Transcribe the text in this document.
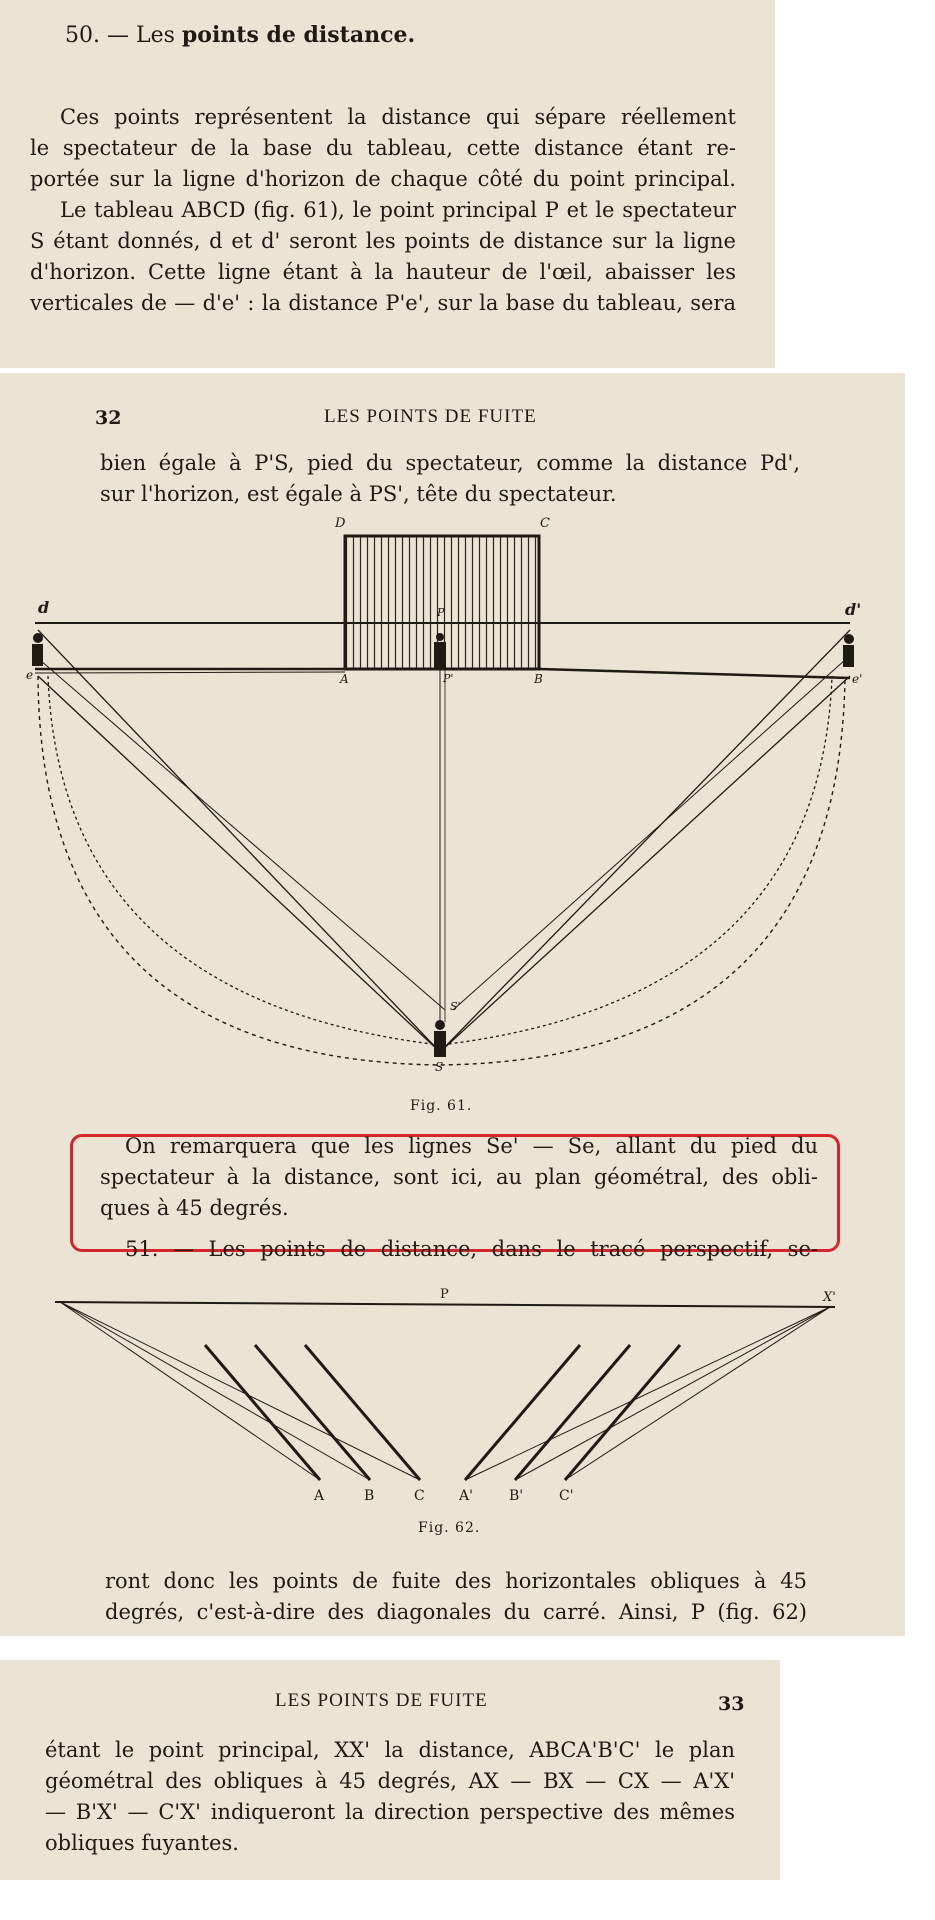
50. — Les points de distance.
Ces points représentent la distance qui sépare réellement
le spectateur de la base du tableau, cette distance étant re-
portée sur la ligne d'horizon de chaque côté du point principal.
Le tableau ABCD (fig. 61), le point principal P et le spectateur
S étant donnés, d et d' seront les points de distance sur la ligne
d'horizon. Cette ligne étant à la hauteur de l'œil, abaisser les
verticales de — d'e' : la distance P'e', sur la base du tableau, sera
32	LES POINTS DE FUITE
bien égale à P'S, pied du spectateur, comme la distance Pd',
sur l'horizon, est égale à PS', tête du spectateur.
D	C
d	d'
P
P'
A	B
e	e'
S'
S
Fig. 61.
On remarquera que les lignes Se' — Se, allant du pied du
spectateur à la distance, sont ici, au plan géométral, des obli-
ques à 45 degrés.
51. — Les points de distance, dans le tracé perspectif, se-
P	X'
A	B	C A'	B'	C'
Fig. 62.
ront donc les points de fuite des horizontales obliques à 45
degrés, c'est-à-dire des diagonales du carré. Ainsi, P (fig. 62)
LES POINTS DE FUITE	33
étant le point principal, XX' la distance, ABCA'B'C' le plan
géométral des obliques à 45 degrés, AX — BX — CX — A'X'
— B'X' — C'X' indiqueront la direction perspective des mêmes
obliques fuyantes.
